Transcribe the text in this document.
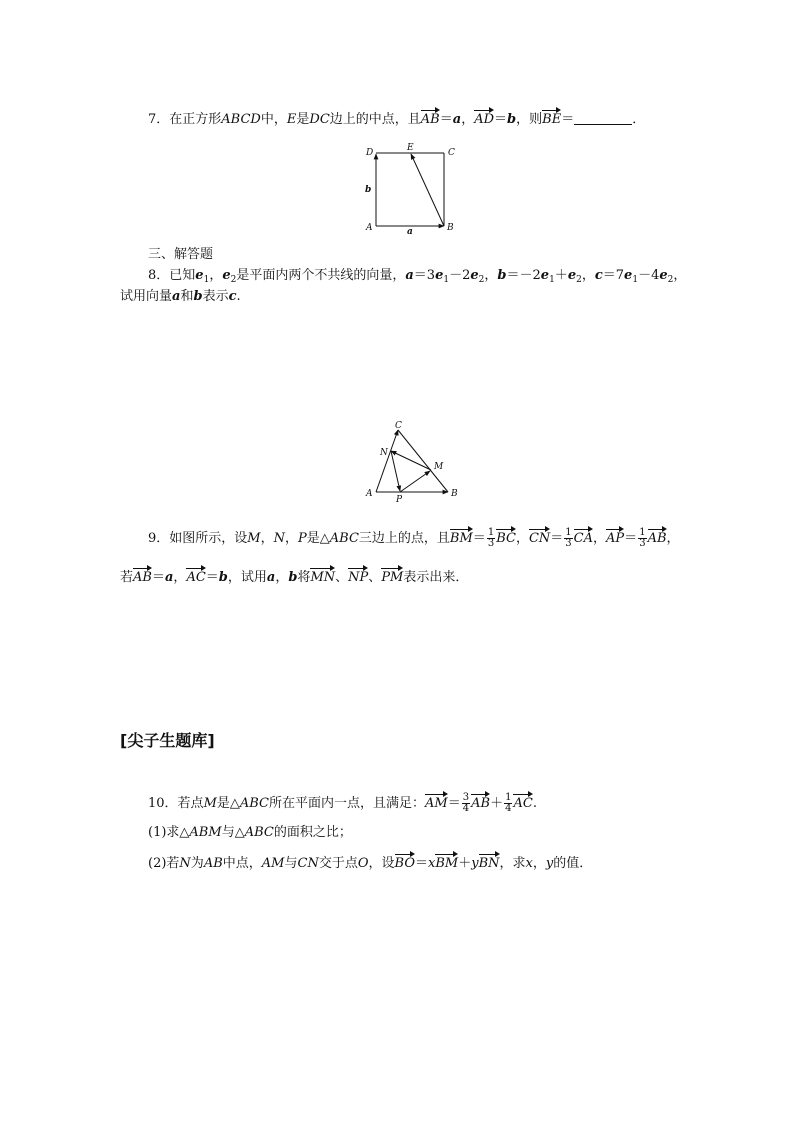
7．在正方形ABCD中，E是DC边上的中点，且AB＝a，AD＝b，则BE＝	．
D	E	C
A	B
a
b
三、解答题
8．已知$e_1$，$e_2$是平面内两个不共线的向量，$a=3e_1-2e_2$，$b=-2e_1+e_2$，$c=7e_1-4e_2$，
试用向量a和b表示c.
C
N
M
A
P
B
9．如图所示，设M，N，P是△ABC三边上的点，且$BM= \frac{1}{3}$ BC，$CN= \frac{1}{3}$ CA，$AP= \frac{1}{3}$ AB，
若AB＝a，AC＝b，试用a，b将MN、NP、PM表示出来．
[尖子生题库]
10．若点M是△ABC所在平面内一点，且满足：$AM= \frac{3}{4} AB+ \frac{1}{4}$ AC.
(1)求△ABM与△ABC的面积之比；
(2)若N为AB中点，AM与CN交于点O，设BO＝xBM＋yBN，求x，y的值．
